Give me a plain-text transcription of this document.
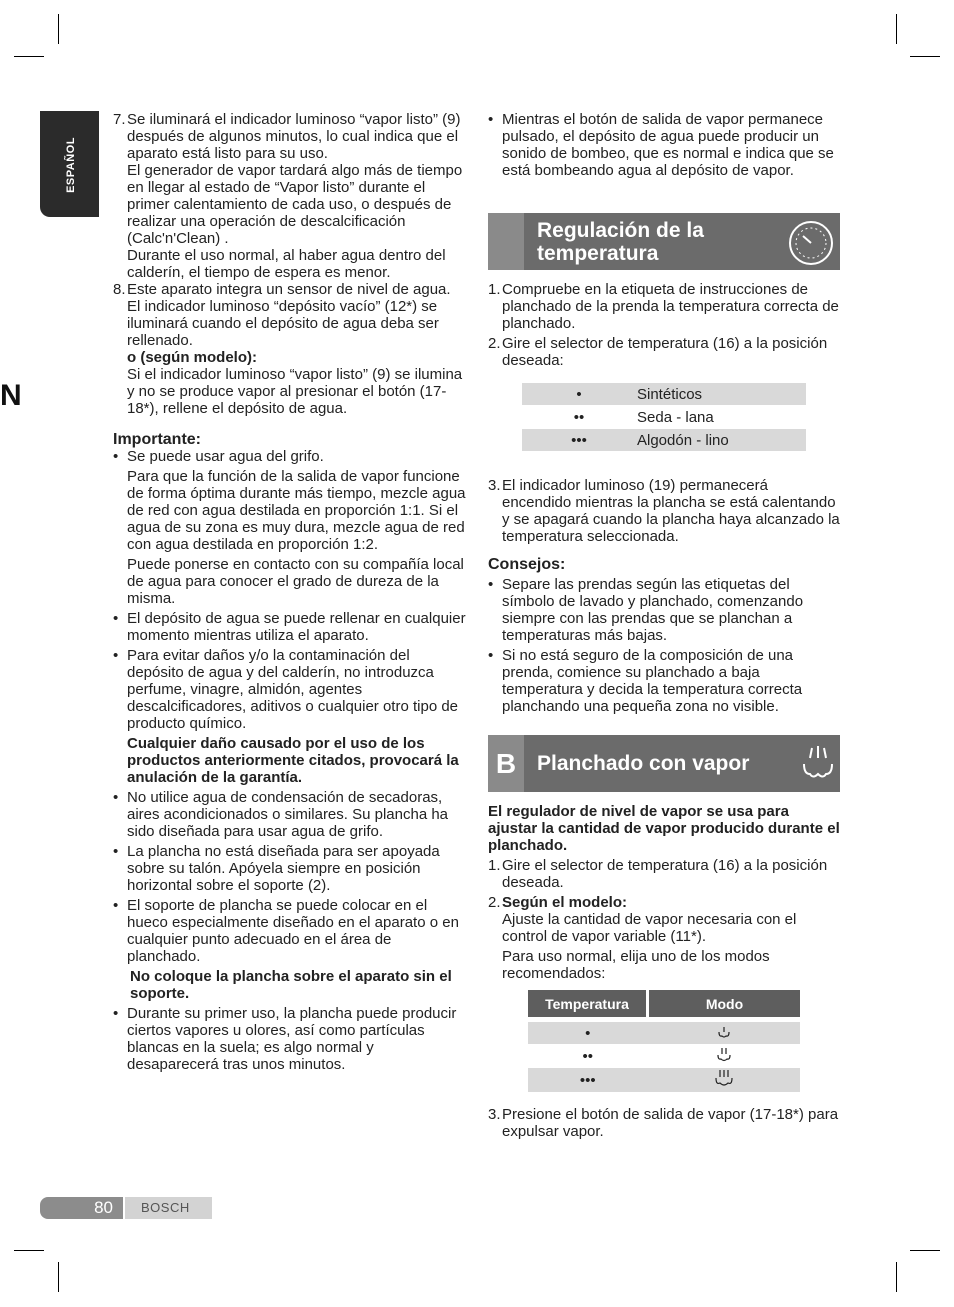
ESPAÑOL
N
7. Se iluminará el indicador luminoso “vapor listo” (9) después de algunos minutos, lo cual indica que el aparato está listo para su uso.

El generador de vapor tardará algo más de tiempo en llegar al estado de “Vapor listo” durante el primer calentamiento de cada uso, o después de realizar una operación de descalcificación (Calc'n'Clean) .

Durante el uso normal, al haber agua dentro del calderín, el tiempo de espera es menor.

8. Este aparato integra un sensor de nivel de agua. El indicador luminoso “depósito vacío” (12*) se iluminará cuando el depósito de agua deba ser rellenado.

o (según modelo):

Si el indicador luminoso “vapor listo” (9) se ilumina y no se produce vapor al presionar el botón (17-18*), rellene el depósito de agua.

Importante:

• Se puede usar agua del grifo.

Para que la función de la salida de vapor funcione de forma óptima durante más tiempo, mezcle agua de red con agua destilada en proporción 1:1. Si el agua de su zona es muy dura, mezcle agua de red con agua destilada en proporción 1:2.

Puede ponerse en contacto con su compañía local de agua para conocer el grado de dureza de la misma.

• El depósito de agua se puede rellenar en cualquier momento mientras utiliza el aparato.

• Para evitar daños y/o la contaminación del depósito de agua y del calderín, no introduzca perfume, vinagre, almidón, agentes descalcificadores, aditivos o cualquier otro tipo de producto químico.

Cualquier daño causado por el uso de los productos anteriormente citados, provocará la anulación de la garantía.

• No utilice agua de condensación de secadoras, aires acondicionados o similares. Su plancha ha sido diseñada para usar agua de grifo.

• La plancha no está diseñada para ser apoyada sobre su talón. Apóyela siempre en posición horizontal sobre el soporte (2).

• El soporte de plancha se puede colocar en el hueco especialmente diseñado en el aparato o en cualquier punto adecuado en el área de planchado.

No coloque la plancha sobre el aparato sin el soporte.

• Durante su primer uso, la plancha puede producir ciertos vapores u olores, así como partículas blancas en la suela; es algo normal y desaparecerá tras unos minutos.

• Mientras el botón de salida de vapor permanece pulsado, el depósito de agua puede producir un sonido de bombeo, que es normal e indica que se está bombeando agua al depósito de vapor.

Regulación de la
temperatura
1. Compruebe en la etiqueta de instrucciones de planchado de la prenda la temperatura correcta de planchado.

2. Gire el selector de temperatura (16) a la posición deseada:

•	Sintéticos
••	Seda - lana
•••	Algodón - lino
3. El indicador luminoso (19) permanecerá encendido mientras la plancha se está calentando y se apagará cuando la plancha haya alcanzado la temperatura seleccionada.

Consejos:

• Separe las prendas según las etiquetas del símbolo de lavado y planchado, comenzando siempre con las prendas que se planchan a temperaturas más bajas.

• Si no está seguro de la composición de una prenda, comience su planchado a baja temperatura y decida la temperatura correcta planchando una pequeña zona no visible.

B Planchado con vapor

El regulador de nivel de vapor se usa para ajustar la cantidad de vapor producido durante el planchado.

1. Gire el selector de temperatura (16) a la posición deseada.

2. Según el modelo:

Ajuste la cantidad de vapor necesaria con el control de vapor variable (11*).

Para uso normal, elija uno de los modos recomendados:

Temperatura	Modo

•	
••	
•••	
3. Presione el botón de salida de vapor (17-18*) para expulsar vapor.

80 BOSCH
